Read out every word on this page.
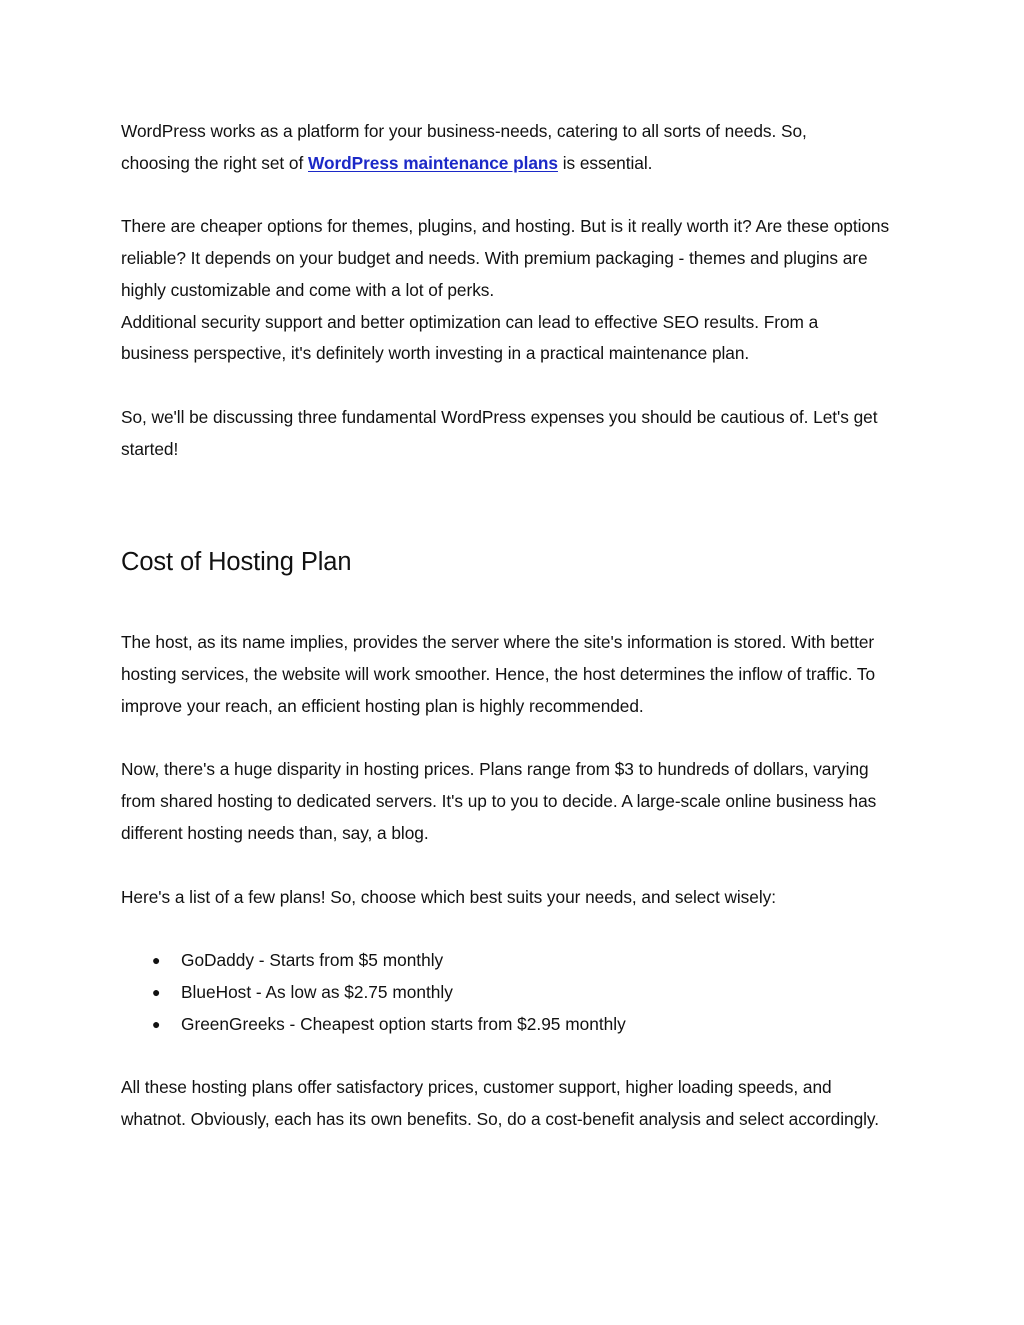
WordPress works as a platform for your business-needs, catering to all sorts of needs. So, choosing the right set of WordPress maintenance plans is essential.

There are cheaper options for themes, plugins, and hosting. But is it really worth it? Are these options reliable? It depends on your budget and needs. With premium packaging - themes and plugins are highly customizable and come with a lot of perks.

Additional security support and better optimization can lead to effective SEO results. From a business perspective, it's definitely worth investing in a practical maintenance plan.

So, we'll be discussing three fundamental WordPress expenses you should be cautious of. Let's get started!

Cost of Hosting Plan

The host, as its name implies, provides the server where the site's information is stored. With better hosting services, the website will work smoother. Hence, the host determines the inflow of traffic. To improve your reach, an efficient hosting plan is highly recommended.

Now, there's a huge disparity in hosting prices. Plans range from $3 to hundreds of dollars, varying from shared hosting to dedicated servers. It's up to you to decide. A large-scale online business has different hosting needs than, say, a blog.

Here's a list of a few plans! So, choose which best suits your needs, and select wisely:

● GoDaddy - Starts from $5 monthly
● BlueHost - As low as $2.75 monthly
● GreenGreeks - Cheapest option starts from $2.95 monthly

All these hosting plans offer satisfactory prices, customer support, higher loading speeds, and whatnot. Obviously, each has its own benefits. So, do a cost-benefit analysis and select accordingly.
